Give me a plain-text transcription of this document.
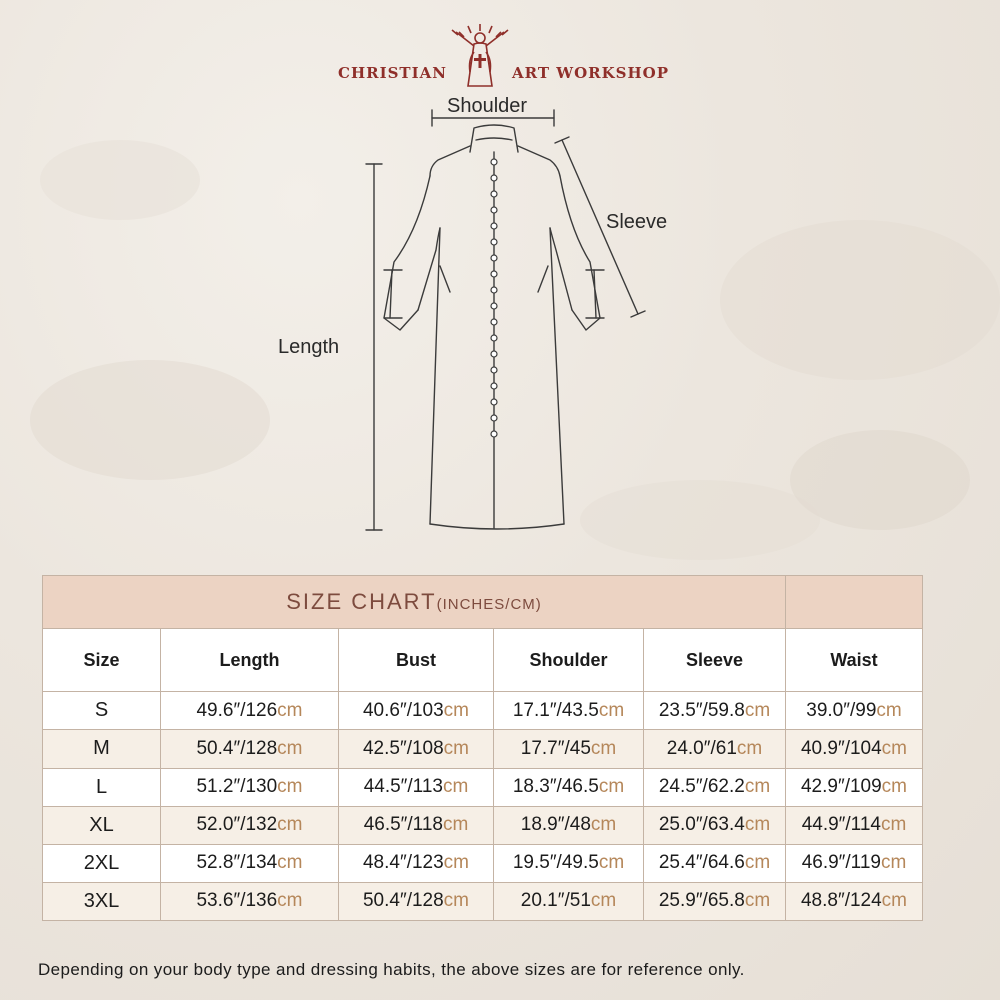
CHRISTIAN	ART WORKSHOP
Shoulder
Sleeve
Length
SIZE CHART(INCHES/CM)					
Size	Length	Bust	Shoulder	Sleeve	Waist
S	49.6″/126cm	40.6″/103cm	17.1″/43.5cm	23.5″/59.8cm	39.0″/99cm
M	50.4″/128cm	42.5″/108cm	17.7″/45cm	24.0″/61cm	40.9″/104cm
L	51.2″/130cm	44.5″/113cm	18.3″/46.5cm	24.5″/62.2cm	42.9″/109cm
XL	52.0″/132cm	46.5″/118cm	18.9″/48cm	25.0″/63.4cm	44.9″/114cm
2XL	52.8″/134cm	48.4″/123cm	19.5″/49.5cm	25.4″/64.6cm	46.9″/119cm
3XL	53.6″/136cm	50.4″/128cm	20.1″/51cm	25.9″/65.8cm	48.8″/124cm
Depending on your body type and dressing habits, the above sizes are for reference only.
